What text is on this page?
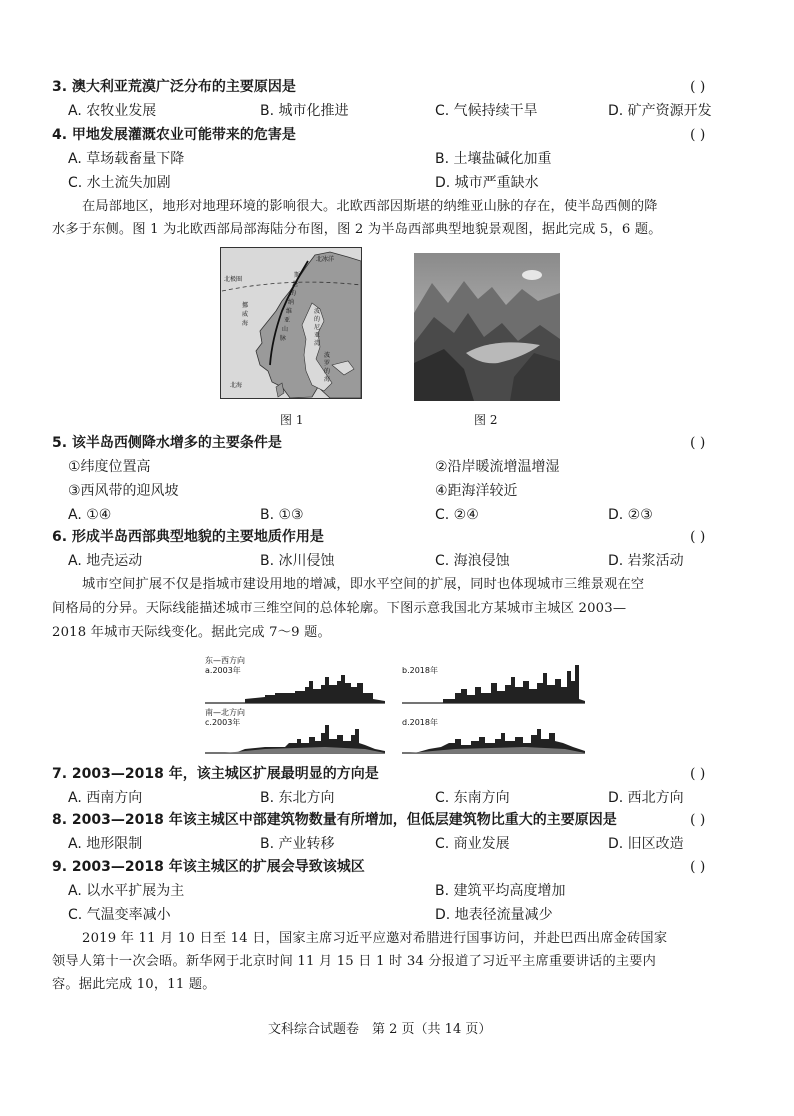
3. 澳大利亚荒漠广泛分布的主要原因是	( )
A. 农牧业发展	B. 城市化推进	C. 气候持续干旱	D. 矿产资源开发
4. 甲地发展灌溉农业可能带来的危害是	( )
A. 草场载畜量下降	B. 土壤盐碱化加重
C. 水土流失加剧	D. 城市严重缺水
在局部地区，地形对地理环境的影响很大。北欧西部因斯堪的纳维亚山脉的存在，使半岛西侧的降
水多于东侧。图 1 为北欧西部局部海陆分布图，图 2 为半岛西部典型地貌景观图，据此完成 5，6 题。
北冰洋
北极圈
北海
斯
堪
的
纳
维
亚
山
脉
波
的
尼
亚
湾
波
罗
的
海
挪
威
海
图 1	图 2
5. 该半岛西侧降水增多的主要条件是	( )
①纬度位置高	②沿岸暖流增温增湿
③西风带的迎风坡	④距海洋较近
A. ①④	B. ①③	C. ②④	D. ②③
6. 形成半岛西部典型地貌的主要地质作用是	( )
A. 地壳运动	B. 冰川侵蚀	C. 海浪侵蚀	D. 岩浆活动
城市空间扩展不仅是指城市建设用地的增减，即水平空间的扩展，同时也体现城市三维景观在空
间格局的分异。天际线能描述城市三维空间的总体轮廓。下图示意我国北方某城市主城区 2003—
2018 年城市天际线变化。据此完成 7～9 题。
东—西方向
a.2003年	b.2018年
南—北方向
c.2003年	d.2018年
7. 2003—2018 年，该主城区扩展最明显的方向是	( )
A. 西南方向	B. 东北方向	C. 东南方向	D. 西北方向
8. 2003—2018 年该主城区中部建筑物数量有所增加，但低层建筑物比重大的主要原因是	( )
A. 地形限制	B. 产业转移	C. 商业发展	D. 旧区改造
9. 2003—2018 年该主城区的扩展会导致该城区	( )
A. 以水平扩展为主	B. 建筑平均高度增加
C. 气温变率减小	D. 地表径流量减少
2019 年 11 月 10 日至 14 日，国家主席习近平应邀对希腊进行国事访问，并赴巴西出席金砖国家
领导人第十一次会晤。新华网于北京时间 11 月 15 日 1 时 34 分报道了习近平主席重要讲话的主要内
容。据此完成 10，11 题。
文科综合试题卷　第 2 页（共 14 页）
